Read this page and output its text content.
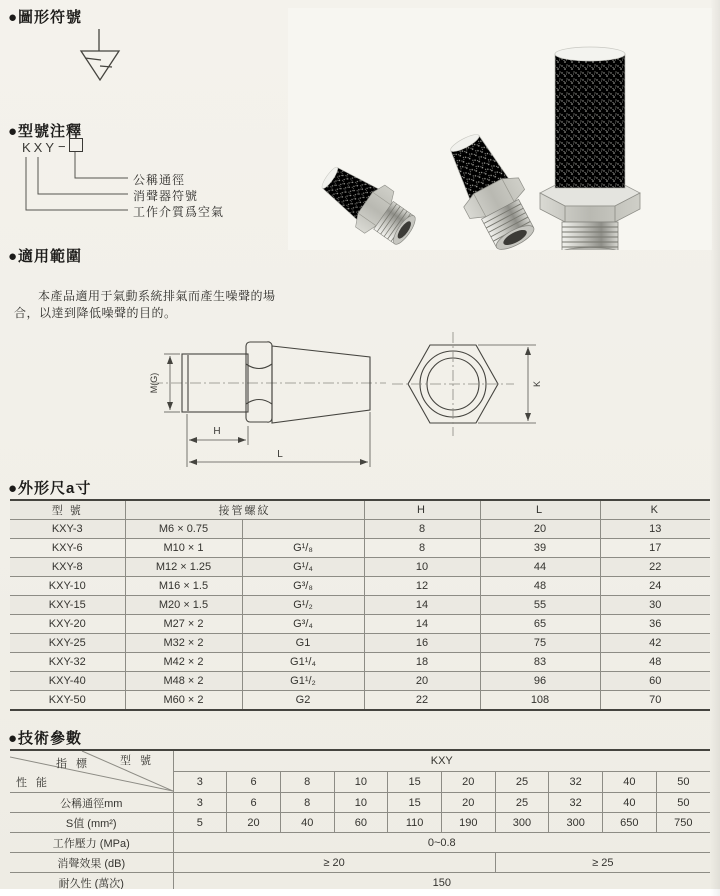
●圖形符號
●型號注釋
●適用範圍
●外形尺a寸
●技術參數
KXY −
公稱通徑
消聲器符號
工作介質爲空氣

本產品適用于氣動系統排氣而產生噪聲的場合，以達到降低噪聲的目的。

M(G)
H
L
K
型 號	接管螺紋		H	L	K
KXY-3	M6 × 0.75		8	20	13
KXY-6	M10 × 1	G¹/₈	8	39	17
KXY-8	M12 × 1.25	G¹/₄	10	44	22
KXY-10	M16 × 1.5	G³/₈	12	48	24
KXY-15	M20 × 1.5	G¹/₂	14	55	30
KXY-20	M27 × 2	G³/₄	14	65	36
KXY-25	M32 × 2	G1	16	75	42
KXY-32	M42 × 2	G1¹/₄	18	83	48
KXY-40	M48 × 2	G1¹/₂	20	96	60
KXY-50	M60 × 2	G2	22	108	70
指 標 型 號
性 能	KXY									
	3	6	8	10	15	20	25	32	40	50
公稱通徑mm	3	6	8	10	15	20	25	32	40	50
S值 (mm²)	5	20	40	60	110	190	300	300	650	750
工作壓力 (MPa)	0~0.8									
消聲效果 (dB)	≥ 20						≥ 25			
耐久性 (萬次)	150									
